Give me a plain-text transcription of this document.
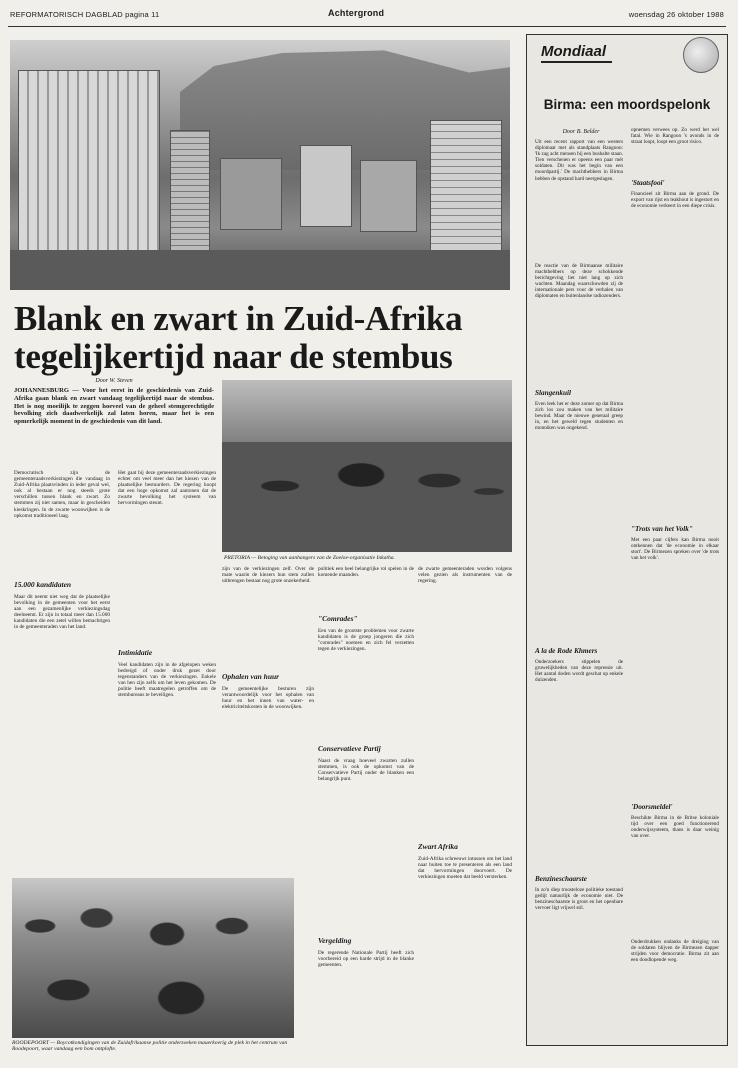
REFORMATORISCH DAGBLAD pagina 11	Achtergrond	woensdag 26 oktober 1988
Blank en zwart in Zuid-Afrika tegelijkertijd naar de stembus
Door W. Steven
JOHANNESBURG — Voor het eerst in de geschiedenis van Zuid-Afrika gaan blank en zwart vandaag tegelijkertijd naar de stembus. Het is nog moeilijk te zeggen hoeveel van de geheel stemgerechtigde bevolking zich daadwerkelijk zal laten horen, maar het is een opmerkelijk moment in de geschiedenis van dit land.
Democratisch zijn de gemeenteraadsverkiezingen die vandaag in Zuid-Afrika plaatsvinden in ieder geval wel, ook al bestaan er nog steeds grote verschillen tussen blank en zwart. Zo stemmen zij niet samen, maar in gescheiden kieskringen. In de zwarte woonwijken is de opkomst traditioneel laag.
15.000 kandidaten
Maar dit neemt niet weg dat de plaatselijke bevolking in de gemeenten voor het eerst aan een gezamenlijke verkiezingsdag deelneemt. Er zijn in totaal meer dan 15.000 kandidaten die een zetel willen bemachtigen in de gemeenteraden van het land.
Het gaat bij deze gemeenteraadsverkiezingen echter om veel meer dan het kiezen van de plaatselijke bestuurders. De regering hoopt dat een hoge opkomst zal aantonen dat de zwarte bevolking het systeem van hervormingen steunt.
Intimidatie
Veel kandidaten zijn in de afgelopen weken bedreigd of onder druk gezet door tegenstanders van de verkiezingen. Enkele van hen zijn zelfs om het leven gekomen. De politie heeft maatregelen getroffen om de stembureaus te beveiligen.
PRETORIA — Betoging van aanhangers van de Zoeloe-organisatie Inkatha.
zijn van de verkiezingen zelf. Over de mate waarin de kiezers hun stem zullen uitbrengen bestaat nog grote onzekerheid.
Ophalen van huur
De gemeentelijke besturen zijn verantwoordelijk voor het ophalen van huur en het innen van water- en elektriciteitskosten in de woonwijken.
politiek een heel belangrijke rol spelen in de komende maanden.
"Comrades"
Een van de grootste problemen voor zwarte kandidaten is de groep jongeren die zich "comrades" noemen en zich fel verzetten tegen de verkiezingen.
Conservatieve Partij
Naast de vraag hoeveel zwarten zullen stemmen, is ook de opkomst van de Conservatieve Partij onder de blanken een belangrijk punt.
Vergelding
De regerende Nationale Partij heeft zich voorbereid op een harde strijd in de blanke gemeenten.
de zwarte gemeenteraden worden volgens velen gezien als instrumenten van de regering.
Zwart Afrika
Zuid-Afrika schreeuwt intussen om het land naar buiten toe te presenteren als een land dat hervormingen doorvoert. De verkiezingen moeten dat beeld versterken.
ROODEPOORT — Boycotkondigingen van de Zuidafrikaanse politie onderzoeken mauerkoerig de plek in het centrum van Roodepoort, waar vandaag een bom ontplofte.
Mondiaal
Birma: een moordspelonk
Door B. Belder
Uit een recent rapport van een westers diplomaat met als standplaats Rangoon: 'Ik zag acht mensen bij een bushalte staan. Tien verschenen er opeens een paar mét soldaten. Dit was het begin van een moordpartij.' De machthebbers in Birma hebben de opstand hard neergeslagen.
De reactie van de Birmaanse militaire machthebbers op deze schokkende berichtgeving liet niet lang op zich wachten. Maandag waarschuwden zij de internationale pers voor de verhalen van diplomaten en buitenlandse radiozenders.
Slangenkuil
Even leek het er deze zomer op dat Birma zich los zou maken van het militaire bewind. Maar de nieuwe generaal greep in, en het geweld tegen studenten en monniken was ongekend.
A la de Rode Khmers
Onderzoekers stippelen de gruwelijkheden van deze repressie uit. Het aantal doden wordt geschat op enkele duizenden.
Benzineschaarste
In zo'n diep troosteloze politieke toestand gedijt natuurlijk de economie niet. De benzineschaarste is groot en het openbare vervoer ligt vrijwel stil.
opnemen verwees op. Zo werd het wel fatal. Wie in Rangoon 's avonds in de straat loopt, loopt een groot risico.
'Staatsfooi'
Financieel zit Birma aan de grond. De export van rijst en teakhout is ingestort en de economie verkeert in een diepe crisis.
"Trots van het Volk"
Met een paar cijfers kan Birma nooit ontkennen dat 'de economie in elkaar stort'. De Birmezen spreken over 'de trots van het volk'.
'Doorsmeldel'
Beschikte Birma in de Britse koloniale tijd over een goed functionerend onderwijssysteem, thans is daar weinig van over.
Onderdrukken ondanks de dreiging van de soldaten blijven de Birmezen dapper strijden voor democratie. Birma zit aan een doodlopende weg.
